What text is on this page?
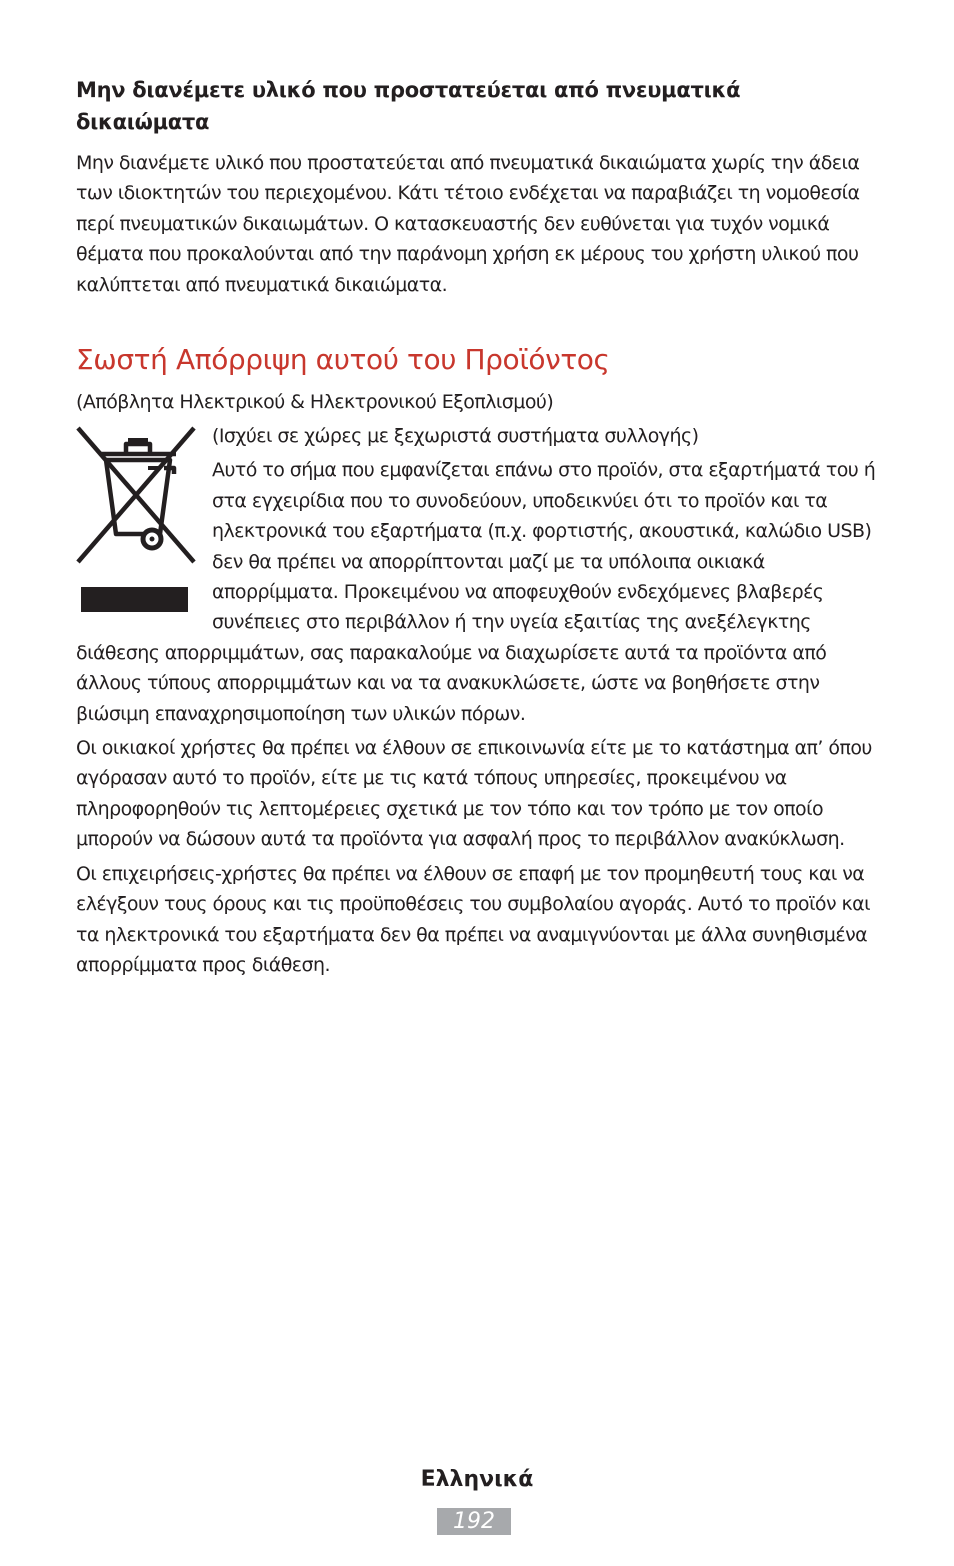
Μην διανέμετε υλικό που προστατεύεται από πνευματικά δικαιώματα

Μην διανέμετε υλικό που προστατεύεται από πνευματικά δικαιώματα χωρίς την άδεια των ιδιοκτητών του περιεχομένου. Κάτι τέτοιο ενδέχεται να παραβιάζει τη νομοθεσία περί πνευματικών δικαιωμάτων. Ο κατασκευαστής δεν ευθύνεται για τυχόν νομικά θέματα που προκαλούνται από την παράνομη χρήση εκ μέρους του χρήστη υλικού που καλύπτεται από πνευματικά δικαιώματα.

Σωστή Απόρριψη αυτού του Προϊόντος

(Απόβλητα Ηλεκτρικού & Ηλεκτρονικού Εξοπλισμού)

(Ισχύει σε χώρες με ξεχωριστά συστήματα συλλογής)

Αυτό το σήμα που εμφανίζεται επάνω στο προϊόν, στα εξαρτήματά του ή στα εγχειρίδια που το συνοδεύουν, υποδεικνύει ότι το προϊόν και τα ηλεκτρονικά του εξαρτήματα (π.χ. φορτιστής, ακουστικά, καλώδιο USB) δεν θα πρέπει να απορρίπτονται μαζί με τα υπόλοιπα οικιακά απορρίμματα. Προκειμένου να αποφευχθούν ενδεχόμενες βλαβερές συνέπειες στο περιβάλλον ή την υγεία εξαιτίας της ανεξέλεγκτης διάθεσης απορριμμάτων, σας παρακαλούμε να διαχωρίσετε αυτά τα προϊόντα από άλλους τύπους απορριμμάτων και να τα ανακυκλώσετε, ώστε να βοηθήσετε στην βιώσιμη επαναχρησιμοποίηση των υλικών πόρων.

Οι οικιακοί χρήστες θα πρέπει να έλθουν σε επικοινωνία είτε με το κατάστημα απ’ όπου αγόρασαν αυτό το προϊόν, είτε με τις κατά τόπους υπηρεσίες, προκειμένου να πληροφορηθούν τις λεπτομέρειες σχετικά με τον τόπο και τον τρόπο με τον οποίο μπορούν να δώσουν αυτά τα προϊόντα για ασφαλή προς το περιβάλλον ανακύκλωση.

Οι επιχειρήσεις-χρήστες θα πρέπει να έλθουν σε επαφή με τον προμηθευτή τους και να ελέγξουν τους όρους και τις προϋποθέσεις του συμβολαίου αγοράς. Αυτό το προϊόν και τα ηλεκτρονικά του εξαρτήματα δεν θα πρέπει να αναμιγνύονται με άλλα συνηθισμένα απορρίμματα προς διάθεση.

Ελληνικά

192
